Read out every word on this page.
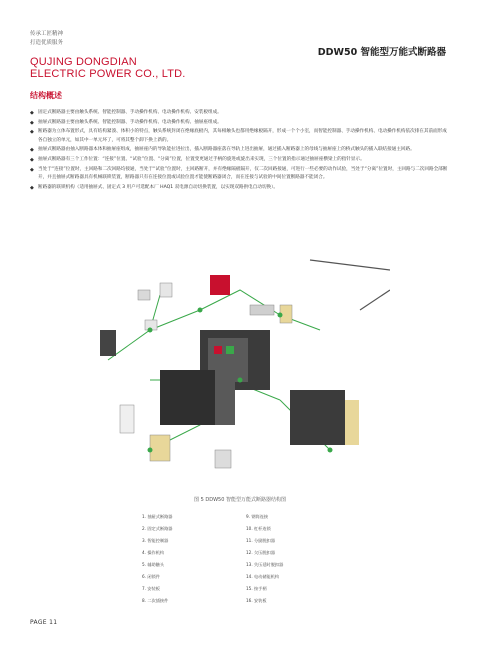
传承工匠精神
打造优质服务
QUJING DONGDIAN
ELECTRIC POWER CO., LTD.
DDW50 智能型万能式断路器
结构概述
◆ 固定式断路器主要由触头系统、智能控制器、手动操作机构、电动操作机构、安装板组成。
◆ 抽屉式断路器主要由触头系统、智能控制器、手动操作机构、电动操作机构、抽屉座组成。
◆ 断路器为立体布置形式，具有结构紧凑、体积小的特点，触头系统封闭在绝缘底板内，其每相触头也都用绝缘板隔开，形成一个个小室，而智能控制器、手动操作机构、电动操作机构依次排在其前面形成各自独立的单元，如其中一单元坏了，可将其整个卸下换上新的。
◆ 抽屉式断路器由抽入断路器本体和抽屉座组成，抽屉座内的导轨能拉进拉出，插入断路器座落在导轨上进出抽屉，通过插入断路器上的母线与抽屉座上的桥式触头的插入联结接通主回路。
◆ 抽屉式断路器有三个工作位置：“连接”位置、“试验”位置、“分离”位置，位置变更通过手柄的旋进或旋出来实现，三个位置的指示通过抽屉座横梁上的指针显示。
◆ 当处于“连接”位置时，主回路和二次回路均接通，当处于“试验”位置时，主回路断开，并有绝缘隔板隔开，仅二次回路接通，可进行一些必要的动作试验，当处于“分离”位置时，主回路与二次回路全部断开，并且抽屉式断路器具有机械联锁装置，断路器只有在连接位置或试验位置才能使断路器闭合，而在连接与试验的中间位置断路器不能闭合。
◆ 断路器的联锁机构（适用抽屉式、固定式 3 用户可选配本厂 HAQ1 双电源自动切换装置，以实现双路供电自动切换）。
图 5 DDW50 智能型万能式断路器结构图
1. 抽屉式断路器
2. 固定式断路器
3. 智能控制器
4. 操作机构
5. 辅助触头
6. 闭锁件
7. 安装板
8. 二次插接件
9. 钢筒连接
10. 杠杆连锁
11. 分励脱扣器
12. 欠压脱扣器
13. 失压延时脱扣器
14. 电动储能机构
15. 按手柄
16. 安装板
PAGE 11
